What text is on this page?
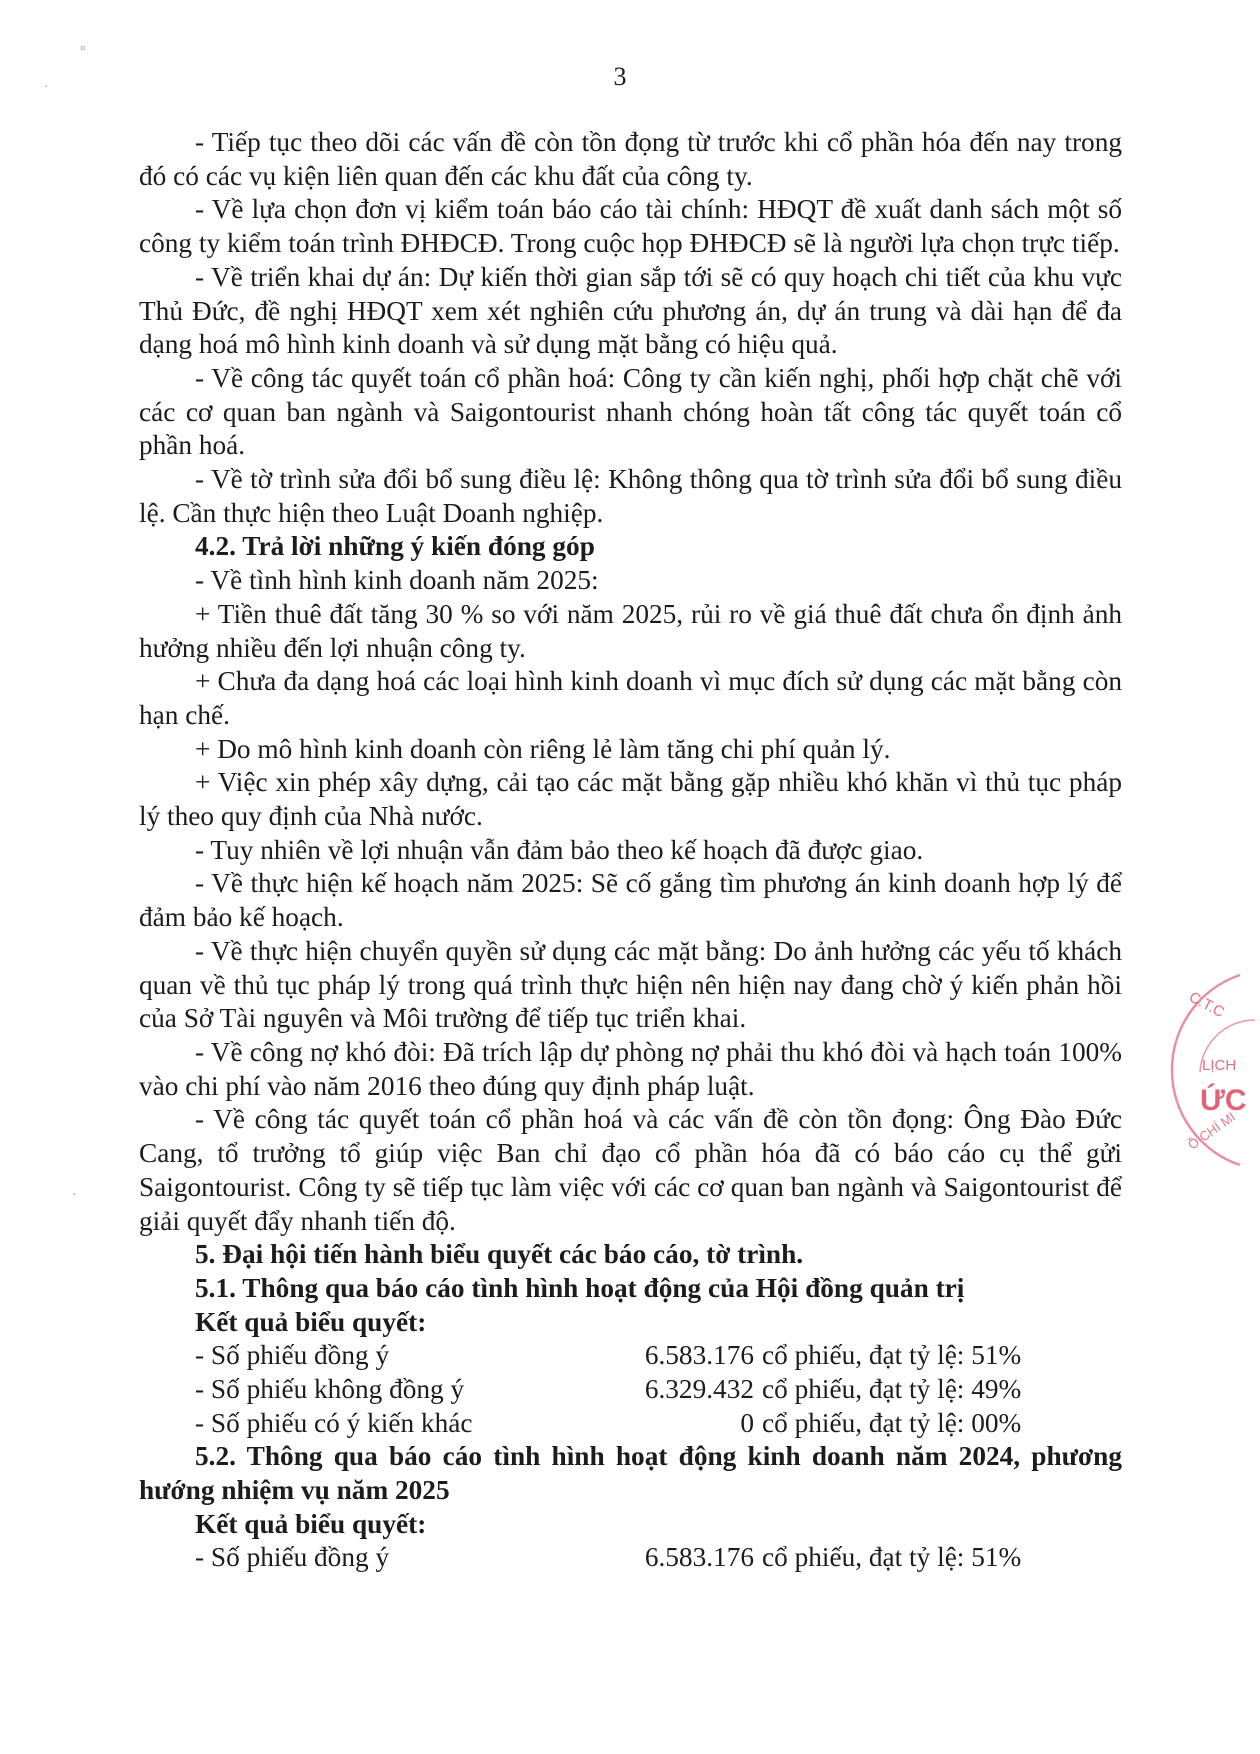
3

- Tiếp tục theo dõi các vấn đề còn tồn đọng từ trước khi cổ phần hóa đến nay trong đó có các vụ kiện liên quan đến các khu đất của công ty.

- Về lựa chọn đơn vị kiểm toán báo cáo tài chính: HĐQT đề xuất danh sách một số công ty kiểm toán trình ĐHĐCĐ. Trong cuộc họp ĐHĐCĐ sẽ là người lựa chọn trực tiếp.

- Về triển khai dự án: Dự kiến thời gian sắp tới sẽ có quy hoạch chi tiết của khu vực Thủ Đức, đề nghị HĐQT xem xét nghiên cứu phương án, dự án trung và dài hạn để đa dạng hoá mô hình kinh doanh và sử dụng mặt bằng có hiệu quả.

- Về công tác quyết toán cổ phần hoá: Công ty cần kiến nghị, phối hợp chặt chẽ với các cơ quan ban ngành và Saigontourist nhanh chóng hoàn tất công tác quyết toán cổ phần hoá.

- Về tờ trình sửa đổi bổ sung điều lệ: Không thông qua tờ trình sửa đổi bổ sung điều lệ. Cần thực hiện theo Luật Doanh nghiệp.

4.2. Trả lời những ý kiến đóng góp

- Về tình hình kinh doanh năm 2025:

+ Tiền thuê đất tăng 30 % so với năm 2025, rủi ro về giá thuê đất chưa ổn định ảnh hưởng nhiều đến lợi nhuận công ty.

+ Chưa đa dạng hoá các loại hình kinh doanh vì mục đích sử dụng các mặt bằng còn hạn chế.

+ Do mô hình kinh doanh còn riêng lẻ làm tăng chi phí quản lý.

+ Việc xin phép xây dựng, cải tạo các mặt bằng gặp nhiều khó khăn vì thủ tục pháp lý theo quy định của Nhà nước.

- Tuy nhiên về lợi nhuận vẫn đảm bảo theo kế hoạch đã được giao.

- Về thực hiện kế hoạch năm 2025: Sẽ cố gắng tìm phương án kinh doanh hợp lý để đảm bảo kế hoạch.

- Về thực hiện chuyển quyền sử dụng các mặt bằng: Do ảnh hưởng các yếu tố khách quan về thủ tục pháp lý trong quá trình thực hiện nên hiện nay đang chờ ý kiến phản hồi của Sở Tài nguyên và Môi trường để tiếp tục triển khai.

- Về công nợ khó đòi: Đã trích lập dự phòng nợ phải thu khó đòi và hạch toán 100% vào chi phí vào năm 2016 theo đúng quy định pháp luật.

- Về công tác quyết toán cổ phần hoá và các vấn đề còn tồn đọng: Ông Đào Đức Cang, tổ trưởng tổ giúp việc Ban chỉ đạo cổ phần hóa đã có báo cáo cụ thể gửi Saigontourist. Công ty sẽ tiếp tục làm việc với các cơ quan ban ngành và Saigontourist để giải quyết đẩy nhanh tiến độ.

5. Đại hội tiến hành biểu quyết các báo cáo, tờ trình.

5.1. Thông qua báo cáo tình hình hoạt động của Hội đồng quản trị

Kết quả biểu quyết:

- Số phiếu đồng ý	6.583.176 cổ phiếu, đạt tỷ lệ: 51%
- Số phiếu không đồng ý	6.329.432 cổ phiếu, đạt tỷ lệ: 49%
- Số phiếu có ý kiến khác	0 cổ phiếu, đạt tỷ lệ: 00%

5.2. Thông qua báo cáo tình hình hoạt động kinh doanh năm 2024, phương hướng nhiệm vụ năm 2025

Kết quả biểu quyết:

- Số phiếu đồng ý	6.583.176 cổ phiếu, đạt tỷ lệ: 51%
C.T.C
LỊCH
ỨC
Ồ CHÍ MI
°
·
·
